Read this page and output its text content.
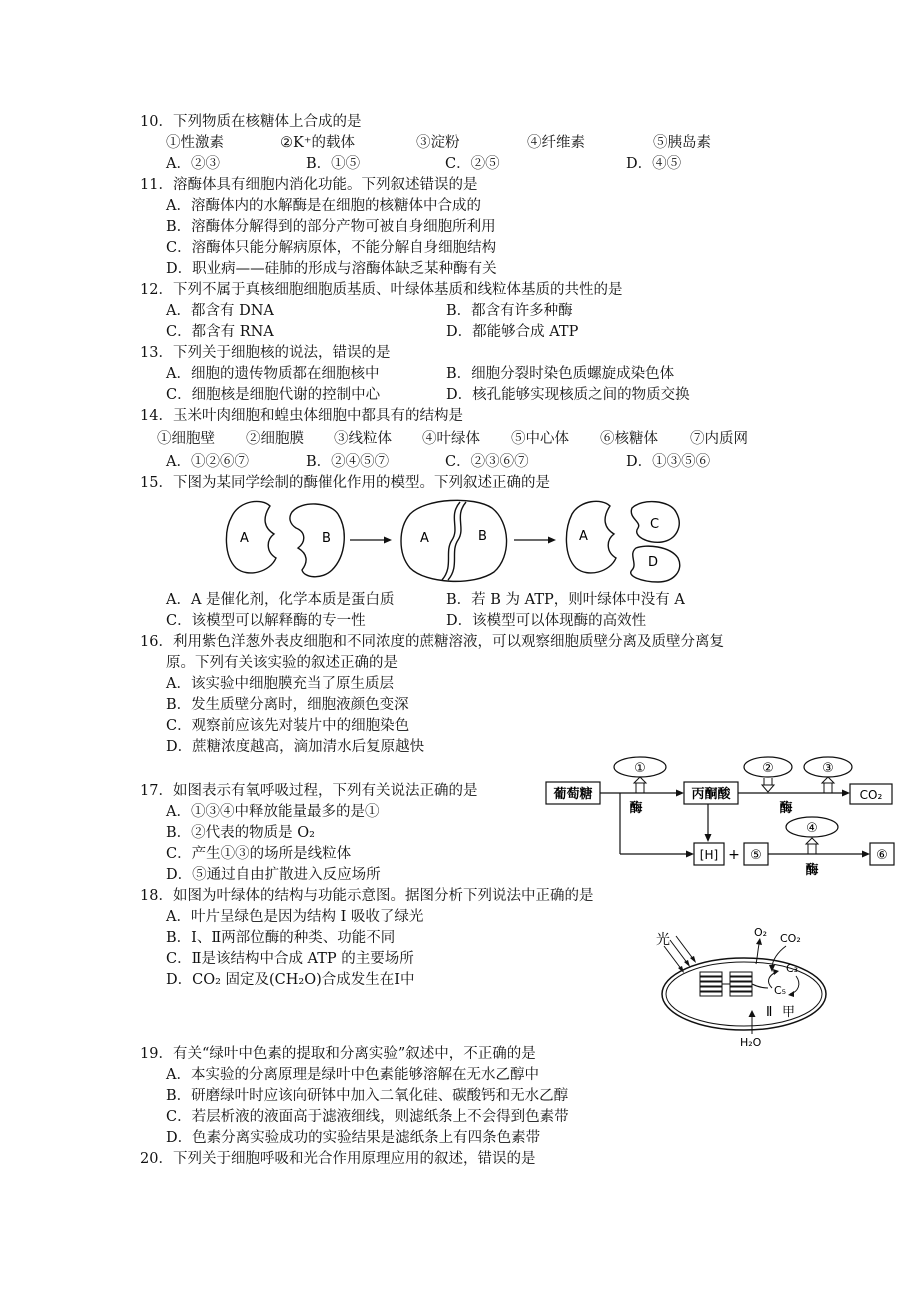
10．下列物质在核糖体上合成的是
①性激素	②K⁺的载体	③淀粉	④纤维素	⑤胰岛素
A．②③	B．①⑤	C．②⑤	D．④⑤
11．溶酶体具有细胞内消化功能。下列叙述错误的是
A．溶酶体内的水解酶是在细胞的核糖体中合成的
B．溶酶体分解得到的部分产物可被自身细胞所利用
C．溶酶体只能分解病原体，不能分解自身细胞结构
D．职业病——硅肺的形成与溶酶体缺乏某种酶有关
12．下列不属于真核细胞细胞质基质、叶绿体基质和线粒体基质的共性的是
A．都含有 DNA	B．都含有许多种酶
C．都含有 RNA	D．都能够合成 ATP
13．下列关于细胞核的说法，错误的是
A．细胞的遗传物质都在细胞核中	B．细胞分裂时染色质螺旋成染色体
C．细胞核是细胞代谢的控制中心	D．核孔能够实现核质之间的物质交换
14．玉米叶肉细胞和蝗虫体细胞中都具有的结构是
①细胞壁 ②细胞膜 ③线粒体 ④叶绿体 ⑤中心体 ⑥核糖体 ⑦内质网
A．①②⑥⑦	B．②④⑤⑦	C．②③⑥⑦	D．①③⑤⑥
15．下图为某同学绘制的酶催化作用的模型。下列叙述正确的是
A	B	A	B	A
C
D
A．A 是催化剂，化学本质是蛋白质	B．若 B 为 ATP，则叶绿体中没有 A
C．该模型可以解释酶的专一性	D．该模型可以体现酶的高效性
16．利用紫色洋葱外表皮细胞和不同浓度的蔗糖溶液，可以观察细胞质壁分离及质壁分离复
原。下列有关该实验的叙述正确的是
A．该实验中细胞膜充当了原生质层
B．发生质壁分离时，细胞液颜色变深
C．观察前应该先对装片中的细胞染色
D．蔗糖浓度越高，滴加清水后复原越快
17．如图表示有氧呼吸过程，下列有关说法正确的是
A．①③④中释放能量最多的是①
B．②代表的物质是 O₂
C．产生①③的场所是线粒体
D．⑤通过自由扩散进入反应场所
葡萄糖
①
酶
丙酮酸
②
酶
③
CO₂
[H] + ⑤
④
酶
⑥
18．如图为叶绿体的结构与功能示意图。据图分析下列说法中正确的是
A．叶片呈绿色是因为结构 I 吸收了绿光
B．Ⅰ、Ⅱ两部位酶的种类、功能不同
C．Ⅱ是该结构中合成 ATP 的主要场所
D．CO₂ 固定及(CH₂O)合成发生在Ⅰ中
光	O₂ CO₂
C₃
C₅
Ⅱ 甲
H₂O
19．有关“绿叶中色素的提取和分离实验”叙述中，不正确的是
A．本实验的分离原理是绿叶中色素能够溶解在无水乙醇中
B．研磨绿叶时应该向研钵中加入二氧化硅、碳酸钙和无水乙醇
C．若层析液的液面高于滤液细线，则滤纸条上不会得到色素带
D．色素分离实验成功的实验结果是滤纸条上有四条色素带
20．下列关于细胞呼吸和光合作用原理应用的叙述，错误的是
